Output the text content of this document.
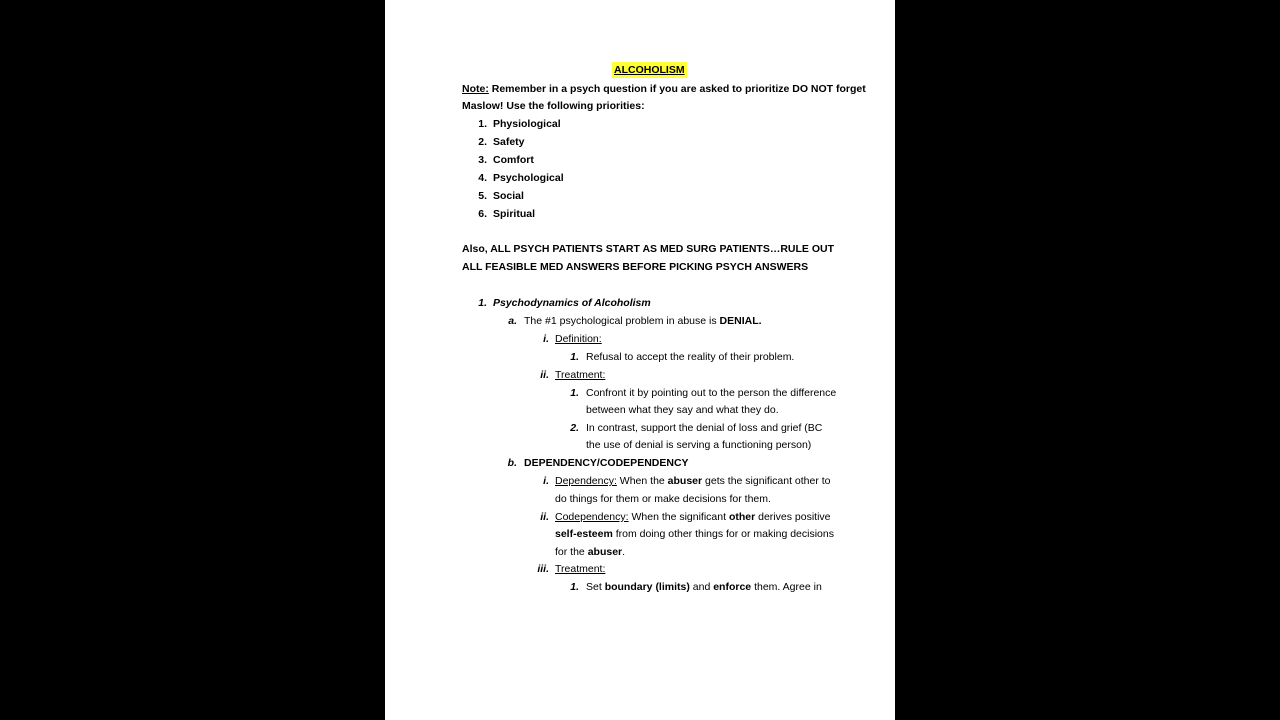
ALCOHOLISM
Note: Remember in a psych question if you are asked to prioritize DO NOT forget
Maslow! Use the following priorities:
1. Physiological
2. Safety
3. Comfort
4. Psychological
5. Social
6. Spiritual
Also, ALL PSYCH PATIENTS START AS MED SURG PATIENTS…RULE OUT
ALL FEASIBLE MED ANSWERS BEFORE PICKING PSYCH ANSWERS
1. Psychodynamics of Alcoholism
a. The #1 psychological problem in abuse is DENIAL.
i. Definition:
1. Refusal to accept the reality of their problem.
ii. Treatment:
1. Confront it by pointing out to the person the difference
between what they say and what they do.
2. In contrast, support the denial of loss and grief (BC
the use of denial is serving a functioning person)
b. DEPENDENCY/CODEPENDENCY
i. Dependency: When the abuser gets the significant other to
do things for them or make decisions for them.
ii. Codependency: When the significant other derives positive
self-esteem from doing other things for or making decisions
for the abuser.
iii. Treatment:
1. Set boundary (limits) and enforce them. Agree in
